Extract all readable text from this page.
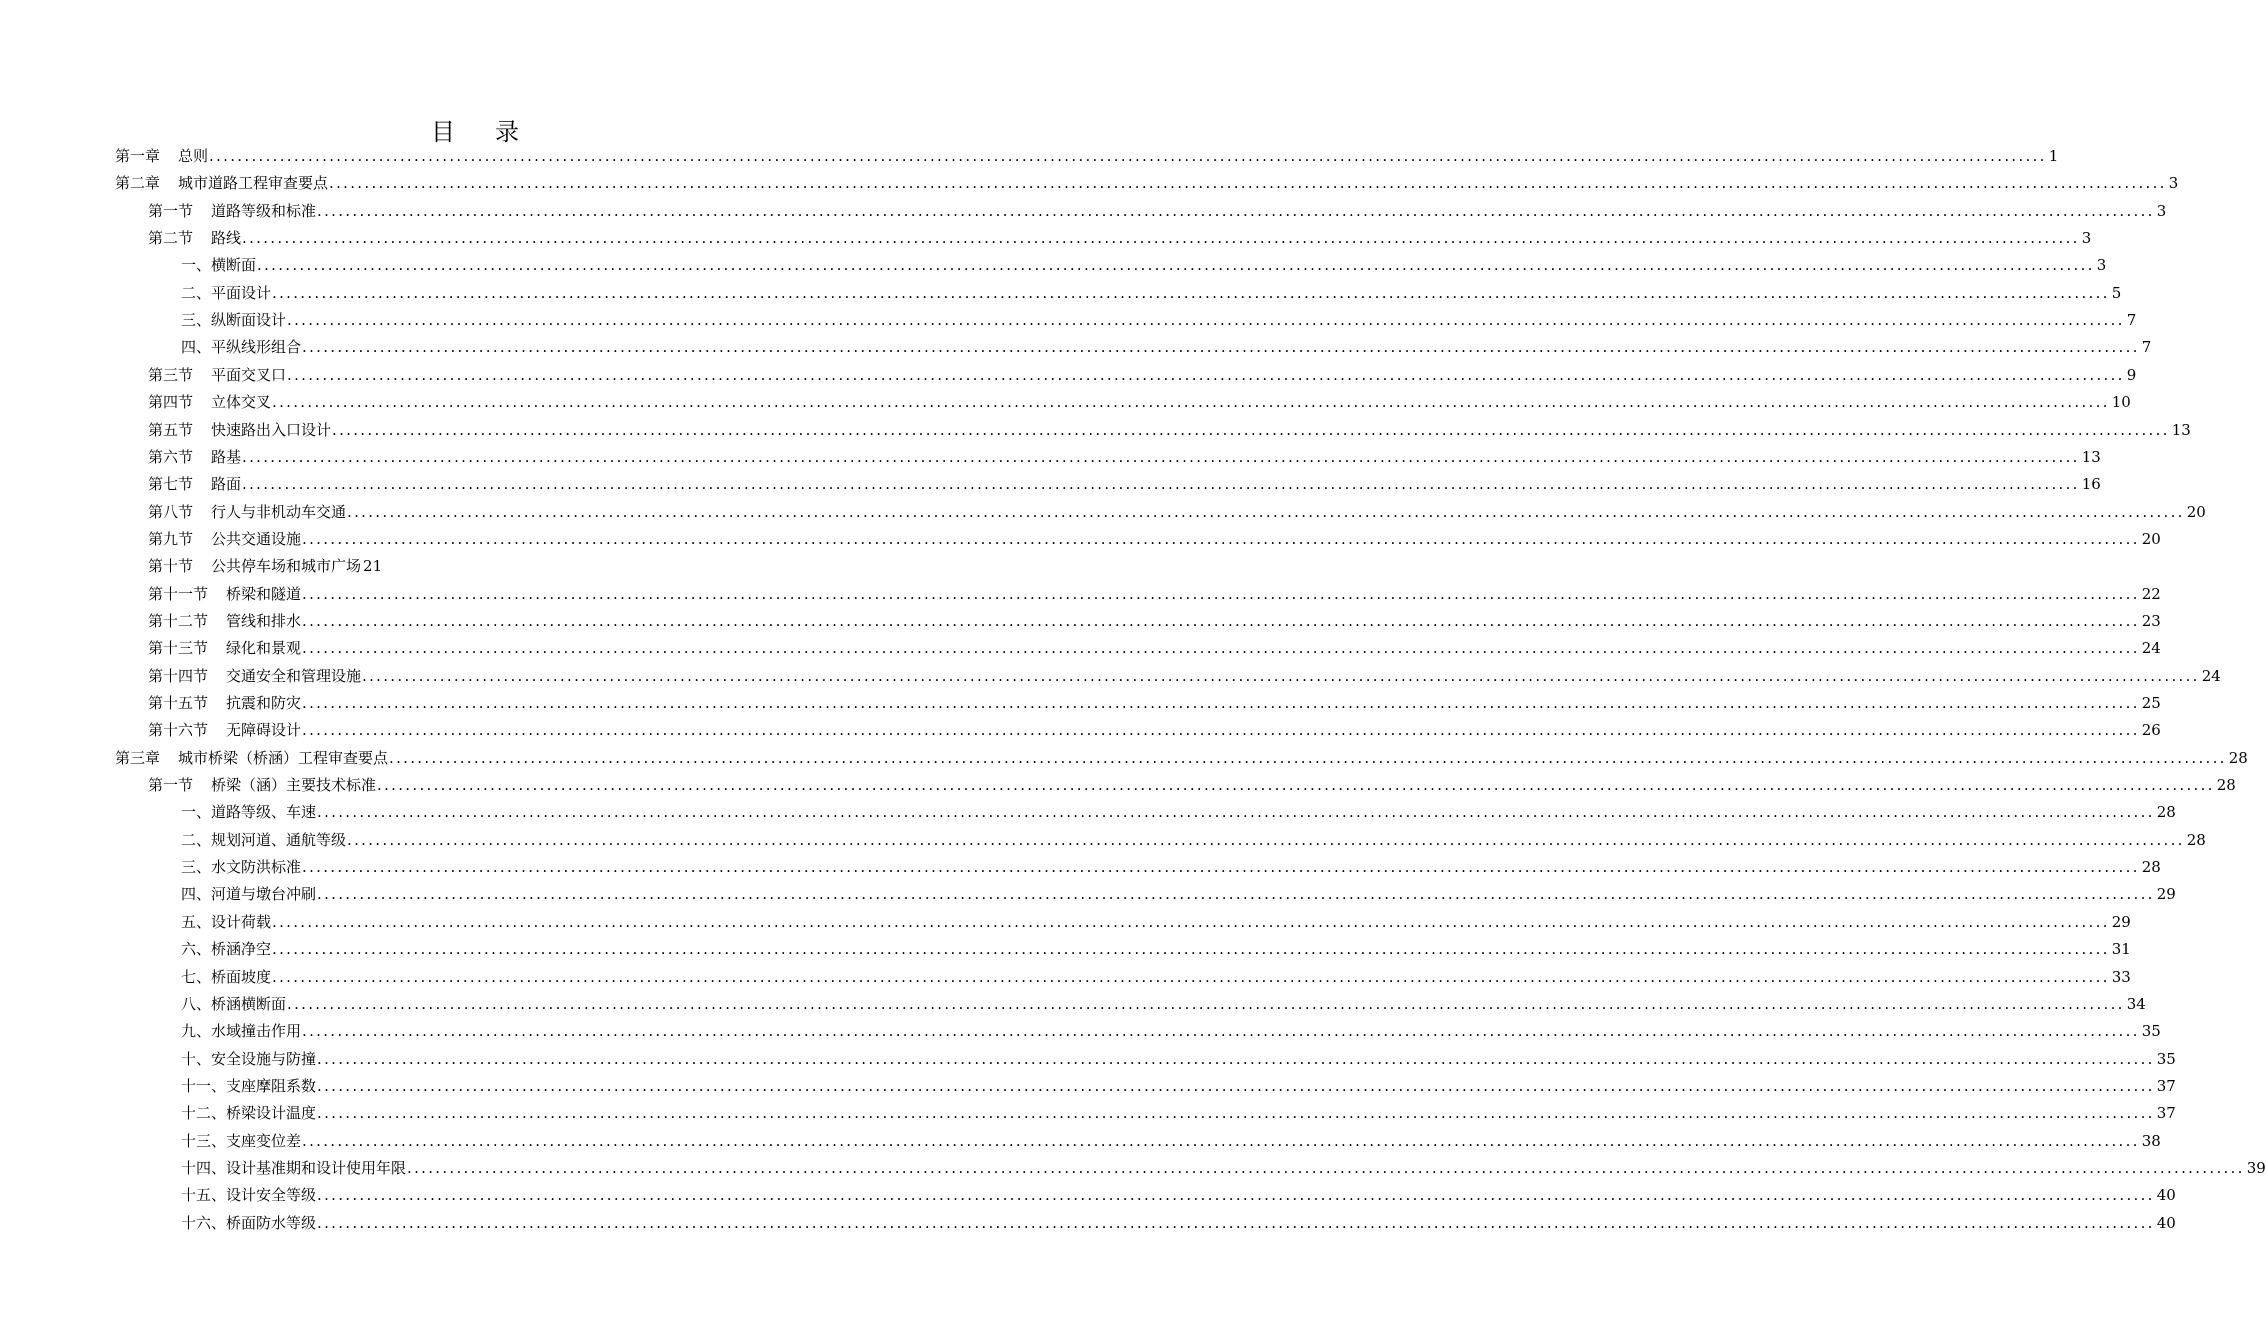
目 录
第一章 总则 .................................................................................................................................................................................................................................................................... 1
第二章 城市道路工程审查要点 .................................................................................................................................................................................................................................................................... 3
第一节 道路等级和标准 .................................................................................................................................................................................................................................................................... 3
第二节 路线 .................................................................................................................................................................................................................................................................... 3
一、横断面 .................................................................................................................................................................................................................................................................... 3
二、平面设计 .................................................................................................................................................................................................................................................................... 5
三、纵断面设计 .................................................................................................................................................................................................................................................................... 7
四、平纵线形组合 .................................................................................................................................................................................................................................................................... 7
第三节 平面交叉口 .................................................................................................................................................................................................................................................................... 9
第四节 立体交叉 .................................................................................................................................................................................................................................................................... 10
第五节 快速路出入口设计 .................................................................................................................................................................................................................................................................... 13
第六节 路基 .................................................................................................................................................................................................................................................................... 13
第七节 路面 .................................................................................................................................................................................................................................................................... 16
第八节 行人与非机动车交通 .................................................................................................................................................................................................................................................................... 20
第九节 公共交通设施 .................................................................................................................................................................................................................................................................... 20
第十节 公共停车场和城市广场 21
第十一节 桥梁和隧道 .................................................................................................................................................................................................................................................................... 22
第十二节 管线和排水 .................................................................................................................................................................................................................................................................... 23
第十三节 绿化和景观 .................................................................................................................................................................................................................................................................... 24
第十四节 交通安全和管理设施 .................................................................................................................................................................................................................................................................... 24
第十五节 抗震和防灾 .................................................................................................................................................................................................................................................................... 25
第十六节 无障碍设计 .................................................................................................................................................................................................................................................................... 26
第三章 城市桥梁（桥涵）工程审查要点 .................................................................................................................................................................................................................................................................... 28
第一节 桥梁（涵）主要技术标准 .................................................................................................................................................................................................................................................................... 28
一、道路等级、车速 .................................................................................................................................................................................................................................................................... 28
二、规划河道、通航等级 .................................................................................................................................................................................................................................................................... 28
三、水文防洪标准 .................................................................................................................................................................................................................................................................... 28
四、河道与墩台冲刷 .................................................................................................................................................................................................................................................................... 29
五、设计荷载 .................................................................................................................................................................................................................................................................... 29
六、桥涵净空 .................................................................................................................................................................................................................................................................... 31
七、桥面坡度 .................................................................................................................................................................................................................................................................... 33
八、桥涵横断面 .................................................................................................................................................................................................................................................................... 34
九、水域撞击作用 .................................................................................................................................................................................................................................................................... 35
十、安全设施与防撞 .................................................................................................................................................................................................................................................................... 35
十一、支座摩阻系数 .................................................................................................................................................................................................................................................................... 37
十二、桥梁设计温度 .................................................................................................................................................................................................................................................................... 37
十三、支座变位差 .................................................................................................................................................................................................................................................................... 38
十四、设计基准期和设计使用年限 .................................................................................................................................................................................................................................................................... 39
十五、设计安全等级 .................................................................................................................................................................................................................................................................... 40
十六、桥面防水等级 .................................................................................................................................................................................................................................................................... 40
